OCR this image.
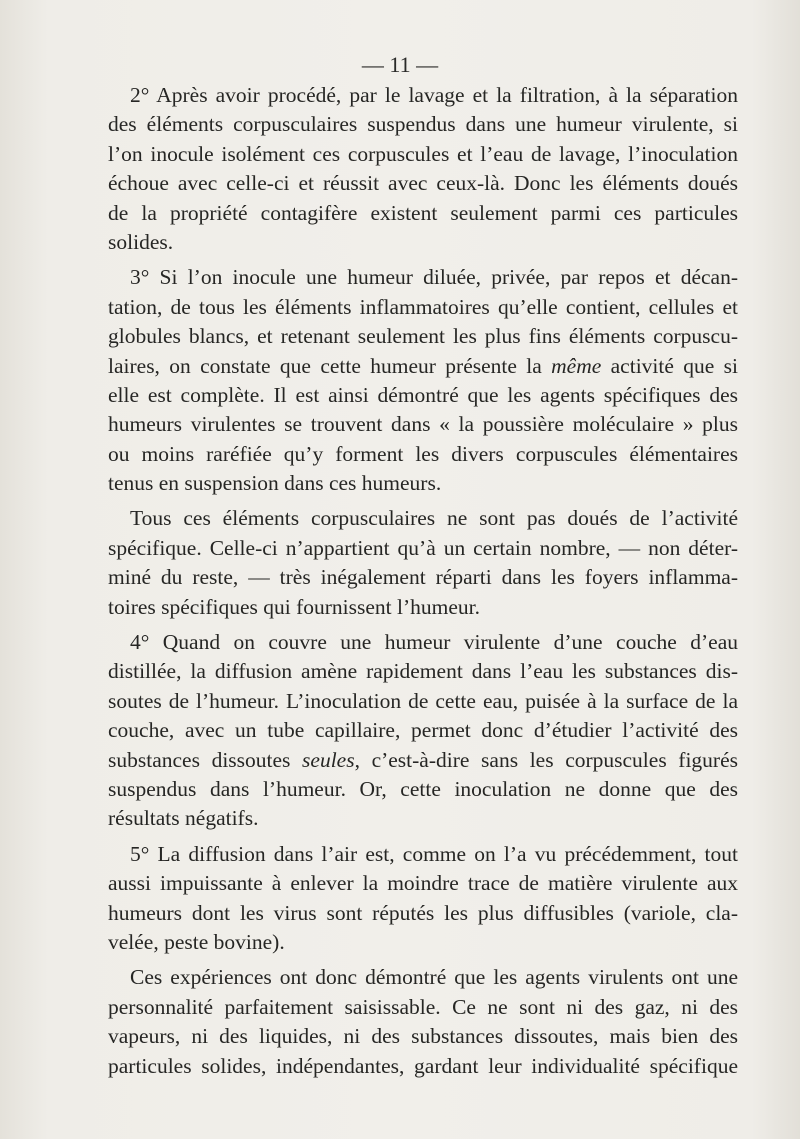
— 11 —
2° Après avoir procédé, par le lavage et la filtration, à la séparation
des éléments corpusculaires suspendus dans une humeur virulente, si
l’on inocule isolément ces corpuscules et l’eau de lavage, l’inoculation
échoue avec celle-ci et réussit avec ceux-là. Donc les éléments doués
de la propriété contagifère existent seulement parmi ces particules
solides.
3° Si l’on inocule une humeur diluée, privée, par repos et décan-
tation, de tous les éléments inflammatoires qu’elle contient, cellules et
globules blancs, et retenant seulement les plus fins éléments corpuscu-
laires, on constate que cette humeur présente la même activité que si
elle est complète. Il est ainsi démontré que les agents spécifiques des
humeurs virulentes se trouvent dans « la poussière moléculaire » plus
ou moins raréfiée qu’y forment les divers corpuscules élémentaires
tenus en suspension dans ces humeurs.
Tous ces éléments corpusculaires ne sont pas doués de l’activité
spécifique. Celle-ci n’appartient qu’à un certain nombre, — non déter-
miné du reste, — très inégalement réparti dans les foyers inflamma-
toires spécifiques qui fournissent l’humeur.
4° Quand on couvre une humeur virulente d’une couche d’eau
distillée, la diffusion amène rapidement dans l’eau les substances dis-
soutes de l’humeur. L’inoculation de cette eau, puisée à la surface de la
couche, avec un tube capillaire, permet donc d’étudier l’activité des
substances dissoutes seules, c’est-à-dire sans les corpuscules figurés
suspendus dans l’humeur. Or, cette inoculation ne donne que des
résultats négatifs.
5° La diffusion dans l’air est, comme on l’a vu précédemment, tout
aussi impuissante à enlever la moindre trace de matière virulente aux
humeurs dont les virus sont réputés les plus diffusibles (variole, cla-
velée, peste bovine).
Ces expériences ont donc démontré que les agents virulents ont une
personnalité parfaitement saisissable. Ce ne sont ni des gaz, ni des
vapeurs, ni des liquides, ni des substances dissoutes, mais bien des
particules solides, indépendantes, gardant leur individualité spécifique
